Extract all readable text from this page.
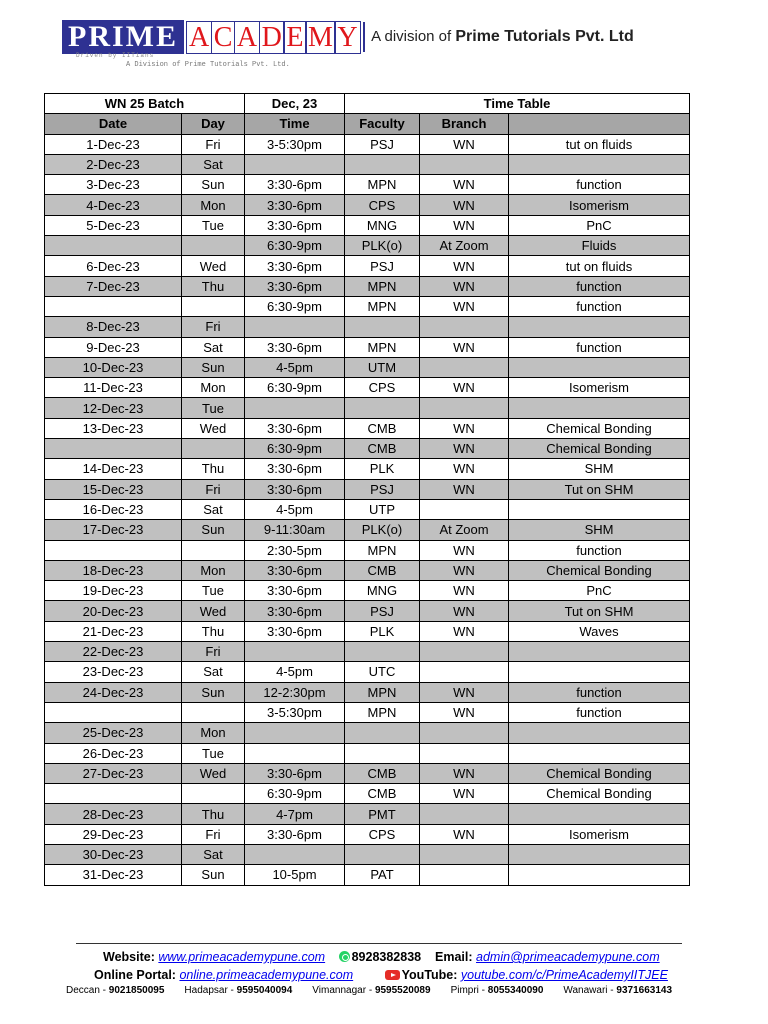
PRIME A C A D E M Y A division of Prime Tutorials Pvt. Ltd
Driven by IITians
A Division of Prime Tutorials Pvt. Ltd.
WN 25 Batch		Dec, 23	Time Table		
Date	Day	Time	Faculty	Branch	
1-Dec-23	Fri	3-5:30pm	PSJ	WN	tut on fluids
2-Dec-23	Sat				
3-Dec-23	Sun	3:30-6pm	MPN	WN	function
4-Dec-23	Mon	3:30-6pm	CPS	WN	Isomerism
5-Dec-23	Tue	3:30-6pm	MNG	WN	PnC
		6:30-9pm	PLK(o)	At Zoom	Fluids
6-Dec-23	Wed	3:30-6pm	PSJ	WN	tut on fluids
7-Dec-23	Thu	3:30-6pm	MPN	WN	function
		6:30-9pm	MPN	WN	function
8-Dec-23	Fri				
9-Dec-23	Sat	3:30-6pm	MPN	WN	function
10-Dec-23	Sun	4-5pm	UTM		
11-Dec-23	Mon	6:30-9pm	CPS	WN	Isomerism
12-Dec-23	Tue				
13-Dec-23	Wed	3:30-6pm	CMB	WN	Chemical Bonding
		6:30-9pm	CMB	WN	Chemical Bonding
14-Dec-23	Thu	3:30-6pm	PLK	WN	SHM
15-Dec-23	Fri	3:30-6pm	PSJ	WN	Tut on SHM
16-Dec-23	Sat	4-5pm	UTP		
17-Dec-23	Sun	9-11:30am	PLK(o)	At Zoom	SHM
		2:30-5pm	MPN	WN	function
18-Dec-23	Mon	3:30-6pm	CMB	WN	Chemical Bonding
19-Dec-23	Tue	3:30-6pm	MNG	WN	PnC
20-Dec-23	Wed	3:30-6pm	PSJ	WN	Tut on SHM
21-Dec-23	Thu	3:30-6pm	PLK	WN	Waves
22-Dec-23	Fri				
23-Dec-23	Sat	4-5pm	UTC		
24-Dec-23	Sun	12-2:30pm	MPN	WN	function
		3-5:30pm	MPN	WN	function
25-Dec-23	Mon				
26-Dec-23	Tue				
27-Dec-23	Wed	3:30-6pm	CMB	WN	Chemical Bonding
		6:30-9pm	CMB	WN	Chemical Bonding
28-Dec-23	Thu	4-7pm	PMT		
29-Dec-23	Fri	3:30-6pm	CPS	WN	Isomerism
30-Dec-23	Sat				
31-Dec-23	Sun	10-5pm	PAT		
Website: www.primeacademypune.com 8928382838 Email: admin@primeacademypune.com
Online Portal: online.primeacademypune.com	YouTube: youtube.com/c/PrimeAcademyIITJEE
Deccan - 9021850095 Hadapsar - 9595040094 Vimannagar - 9595520089 Pimpri - 8055340090 Wanawari - 9371663143
